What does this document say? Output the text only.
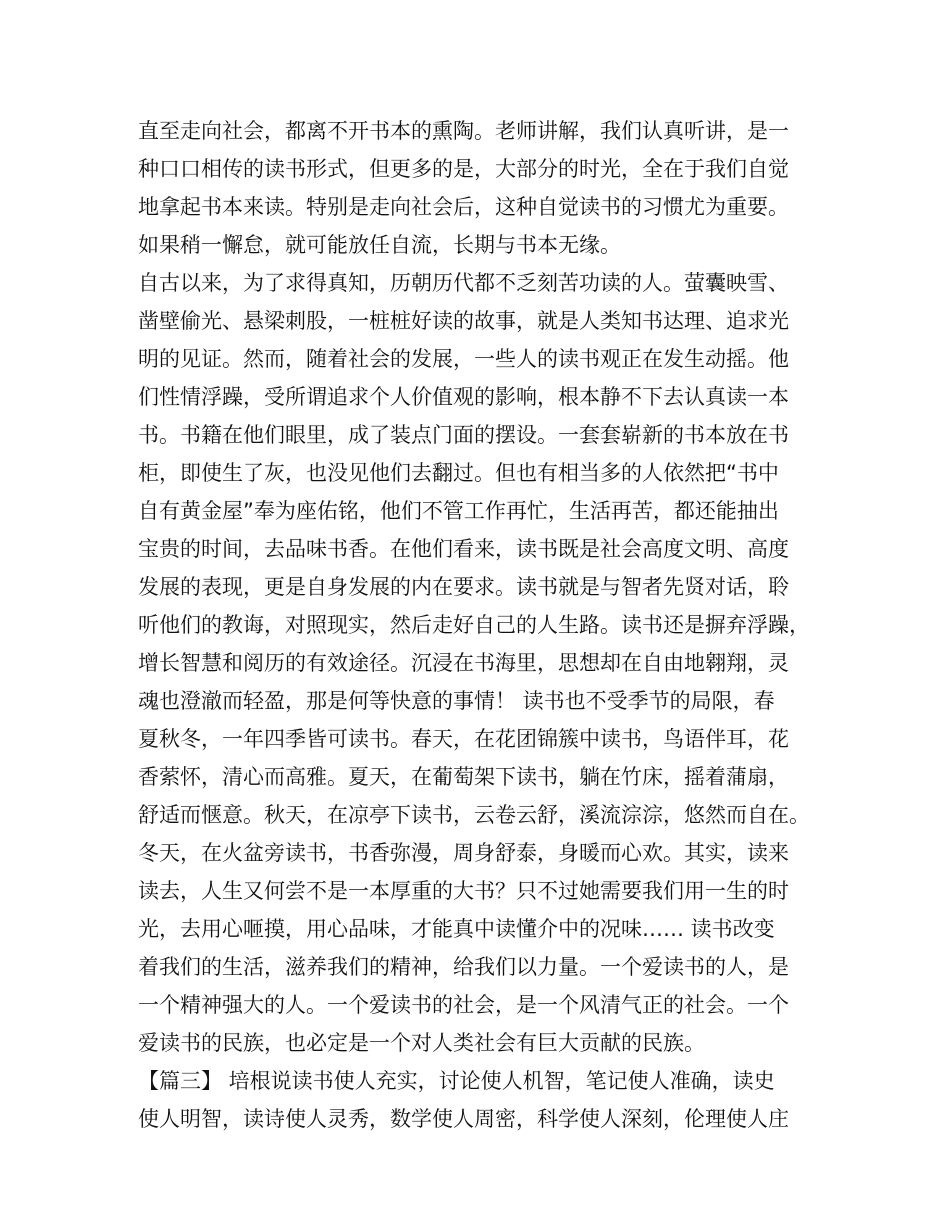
直至走向社会，都离不开书本的熏陶。老师讲解，我们认真听讲，是一
种口口相传的读书形式，但更多的是，大部分的时光，全在于我们自觉
地拿起书本来读。特别是走向社会后，这种自觉读书的习惯尤为重要。
如果稍一懈怠，就可能放任自流，长期与书本无缘。
自古以来，为了求得真知，历朝历代都不乏刻苦功读的人。萤囊映雪、
凿壁偷光、悬梁刺股，一桩桩好读的故事，就是人类知书达理、追求光
明的见证。然而，随着社会的发展，一些人的读书观正在发生动摇。他
们性情浮躁，受所谓追求个人价值观的影响，根本静不下去认真读一本
书。书籍在他们眼里，成了装点门面的摆设。一套套崭新的书本放在书
柜，即使生了灰，也没见他们去翻过。但也有相当多的人依然把“书中
自有黄金屋”奉为座佑铭，他们不管工作再忙，生活再苦，都还能抽出
宝贵的时间，去品味书香。在他们看来，读书既是社会高度文明、高度
发展的表现，更是自身发展的内在要求。读书就是与智者先贤对话，聆
听他们的教诲，对照现实，然后走好自己的人生路。读书还是摒弃浮躁，
增长智慧和阅历的有效途径。沉浸在书海里，思想却在自由地翱翔，灵
魂也澄澈而轻盈，那是何等快意的事情！ 读书也不受季节的局限，春
夏秋冬，一年四季皆可读书。春天，在花团锦簇中读书，鸟语伴耳，花
香萦怀，清心而高雅。夏天，在葡萄架下读书，躺在竹床，摇着蒲扇，
舒适而惬意。秋天，在凉亭下读书，云卷云舒，溪流淙淙，悠然而自在。
冬天，在火盆旁读书，书香弥漫，周身舒泰，身暖而心欢。其实，读来
读去，人生又何尝不是一本厚重的大书？只不过她需要我们用一生的时
光，去用心咂摸，用心品味，才能真中读懂介中的况味…… 读书改变
着我们的生活，滋养我们的精神，给我们以力量。一个爱读书的人，是
一个精神强大的人。一个爱读书的社会，是一个风清气正的社会。一个
爱读书的民族，也必定是一个对人类社会有巨大贡献的民族。
【篇三】 培根说读书使人充实，讨论使人机智，笔记使人准确，读史
使人明智，读诗使人灵秀，数学使人周密，科学使人深刻，伦理使人庄
